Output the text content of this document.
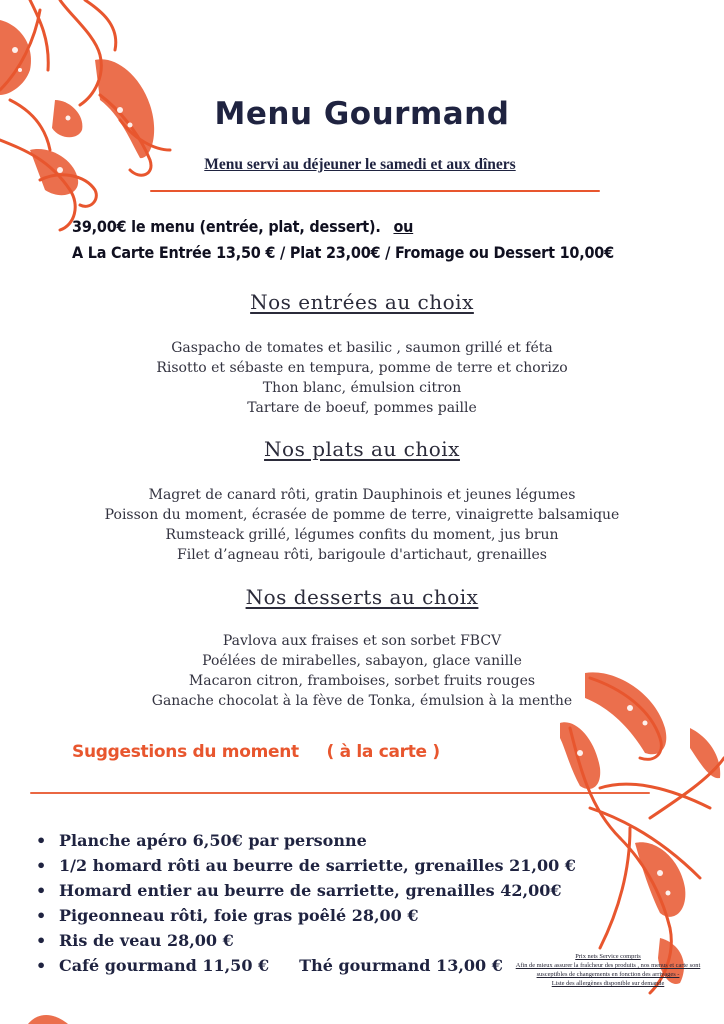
Menu Gourmand
Menu servi au déjeuner le samedi et aux dîners
39,00€ le menu (entrée, plat, dessert). ou
A La Carte Entrée 13,50 € / Plat 23,00€ / Fromage ou Dessert 10,00€
Nos entrées au choix
Gaspacho de tomates et basilic , saumon grillé et féta
Risotto et sébaste en tempura, pomme de terre et chorizo
Thon blanc, émulsion citron
Tartare de boeuf, pommes paille
Nos plats au choix
Magret de canard rôti, gratin Dauphinois et jeunes légumes
Poisson du moment, écrasée de pomme de terre, vinaigrette balsamique
Rumsteack grillé, légumes confits du moment, jus brun
Filet d’agneau rôti, barigoule d'artichaut, grenailles
Nos desserts au choix
Pavlova aux fraises et son sorbet FBCV
Poélées de mirabelles, sabayon, glace vanille
Macaron citron, framboises, sorbet fruits rouges
Ganache chocolat à la fève de Tonka, émulsion à la menthe
Suggestions du moment ( à la carte )
• Planche apéro 6,50€ par personne
• 1/2 homard rôti au beurre de sarriette, grenailles 21,00 €
• Homard entier au beurre de sarriette, grenailles 42,00€
• Pigeonneau rôti, foie gras poêlé 28,00 €
• Ris de veau 28,00 €
• Café gourmand 11,50 € Thé gourmand 13,00 €	Prix nets Service compris
Afin de mieux assurer la fraîcheur des produits , nos menus et carte sont
susceptibles de changements en fonction des arrivages -
Liste des allergènes disponible sur demande
